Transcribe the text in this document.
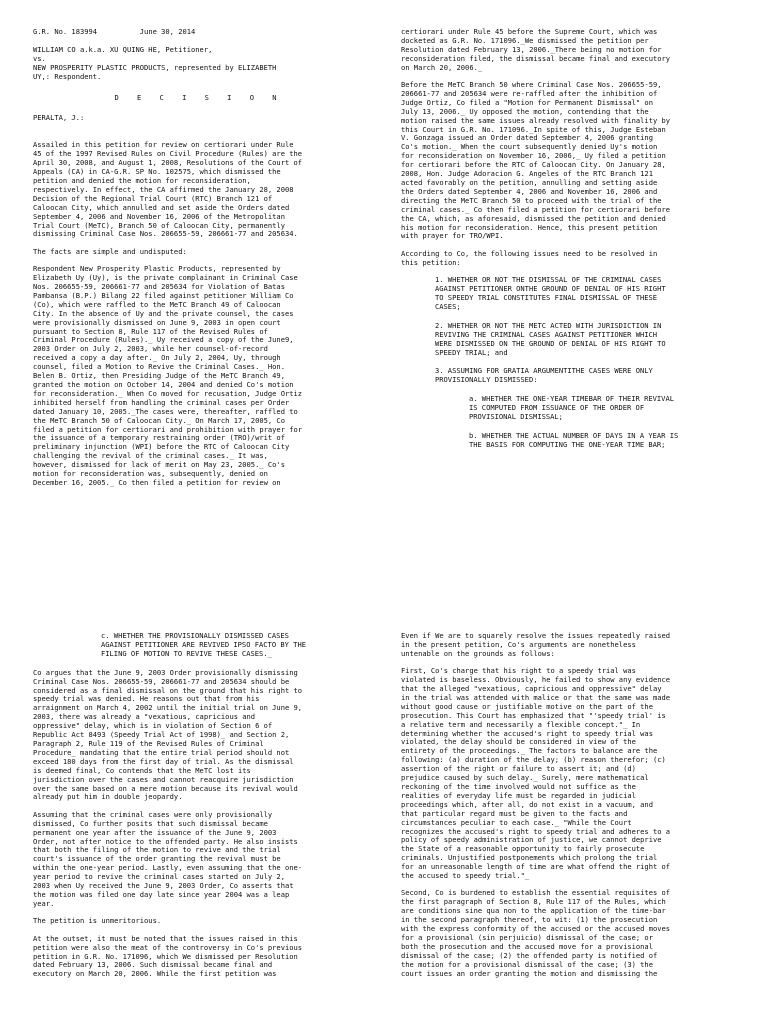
G.R. No. 183994	June 30, 2014

WILLIAM CO a.k.a. XU QUING HE, Petitioner,

vs.

NEW PROSPERITY PLASTIC PRODUCTS, represented by ELIZABETH

UY,: Respondent.

D E C I S I O N

PERALTA, J.:

Assailed in this petition for review on certiorari under Rule
45 of the 1997 Revised Rules on Civil Procedure (Rules) are the
April 30, 2008, and August 1, 2008, Resolutions of the Court of
Appeals (CA) in CA-G.R. SP No. 102575, which dismissed the
petition and denied the motion for reconsideration,
respectively. In effect, the CA affirmed the January 28, 2008
Decision of the Regional Trial Court (RTC) Branch 121 of
Caloocan City, which annulled and set aside the Orders dated
September 4, 2006 and November 16, 2006 of the Metropolitan
Trial Court (MeTC), Branch 50 of Caloocan City, permanently
dismissing Criminal Case Nos. 206655-59, 206661-77 and 205634.

The facts are simple and undisputed:

Respondent New Prosperity Plastic Products, represented by
Elizabeth Uy (Uy), is the private complainant in Criminal Case
Nos. 206655-59, 206661-77 and 205634 for Violation of Batas
Pambansa (B.P.) Bilang 22 filed against petitioner William Co
(Co), which were raffled to the MeTC Branch 49 of Caloocan
City. In the absence of Uy and the private counsel, the cases
were provisionally dismissed on June 9, 2003 in open court
pursuant to Section 8, Rule 117 of the Revised Rules of
Criminal Procedure (Rules)._ Uy received a copy of the June9,
2003 Order on July 2, 2003, while her counsel-of-record
received a copy a day after._ On July 2, 2004, Uy, through
counsel, filed a Motion to Revive the Criminal Cases._ Hon.
Belen B. Ortiz, then Presiding Judge of the MeTC Branch 49,
granted the motion on October 14, 2004 and denied Co's motion
for reconsideration._ When Co moved for recusation, Judge Ortiz
inhibited herself from handling the criminal cases per Order
dated January 10, 2005._The cases were, thereafter, raffled to
the MeTC Branch 50 of Caloocan City._ On March 17, 2005, Co
filed a petition for certiorari and prohibition with prayer for
the issuance of a temporary restraining order (TRO)/writ of
preliminary injunction (WPI) before the RTC of Caloocan City
challenging the revival of the criminal cases._ It was,
however, dismissed for lack of merit on May 23, 2005._ Co's
motion for reconsideration was, subsequently, denied on
December 16, 2005._ Co then filed a petition for review on

certiorari under Rule 45 before the Supreme Court, which was
docketed as G.R. No. 171096._We dismissed the petition per
Resolution dated February 13, 2006._There being no motion for
reconsideration filed, the dismissal became final and executory
on March 20, 2006._

Before the MeTC Branch 50 where Criminal Case Nos. 206655-59,
206661-77 and 205634 were re-raffled after the inhibition of
Judge Ortiz, Co filed a "Motion for Permanent Dismissal" on
July 13, 2006._ Uy opposed the motion, contending that the
motion raised the same issues already resolved with finality by
this Court in G.R. No. 171096._In spite of this, Judge Esteban
V. Gonzaga issued an Order dated September 4, 2006 granting
Co's motion._ When the court subsequently denied Uy's motion
for reconsideration on November 16, 2006,_ Uy filed a petition
for certiorari before the RTC of Caloocan City. On January 28,
2008, Hon. Judge Adoracion G. Angeles of the RTC Branch 121
acted favorably on the petition, annulling and setting aside
the Orders dated September 4, 2006 and November 16, 2006 and
directing the MeTC Branch 50 to proceed with the trial of the
criminal cases._ Co then filed a petition for certiorari before
the CA, which, as aforesaid, dismissed the petition and denied
his motion for reconsideration. Hence, this present petition
with prayer for TRO/WPI.

According to Co, the following issues need to be resolved in
this petition:

1. WHETHER OR NOT THE DISMISSAL OF THE CRIMINAL CASES
AGAINST PETITIONER ONTHE GROUND OF DENIAL OF HIS RIGHT
TO SPEEDY TRIAL CONSTITUTES FINAL DISMISSAL OF THESE
CASES;

2. WHETHER OR NOT THE METC ACTED WITH JURISDICTION IN
REVIVING THE CRIMINAL CASES AGAINST PETITIONER WHICH
WERE DISMISSED ON THE GROUND OF DENIAL OF HIS RIGHT TO
SPEEDY TRIAL; and

3. ASSUMING FOR GRATIA ARGUMENTITHE CASES WERE ONLY
PROVISIONALLY DISMISSED:

a. WHETHER THE ONE-YEAR TIMEBAR OF THEIR REVIVAL
IS COMPUTED FROM ISSUANCE OF THE ORDER OF
PROVISIONAL DISMISSAL;

b. WHETHER THE ACTUAL NUMBER OF DAYS IN A YEAR IS
THE BASIS FOR COMPUTING THE ONE-YEAR TIME BAR;

c. WHETHER THE PROVISIONALLY DISMISSED CASES
AGAINST PETITIONER ARE REVIVED IPSO FACTO BY THE
FILING OF MOTION TO REVIVE THESE CASES._

Co argues that the June 9, 2003 Order provisionally dismissing
Criminal Case Nos. 206655-59, 206661-77 and 205634 should be
considered as a final dismissal on the ground that his right to
speedy trial was denied. He reasons out that from his
arraignment on March 4, 2002 until the initial trial on June 9,
2003, there was already a "vexatious, capricious and
oppressive" delay, which is in violation of Section 6 of
Republic Act 8493 (Speedy Trial Act of 1998)_ and Section 2,
Paragraph 2, Rule 119 of the Revised Rules of Criminal
Procedure_ mandating that the entire trial period should not
exceed 180 days from the first day of trial. As the dismissal
is deemed final, Co contends that the MeTC lost its
jurisdiction over the cases and cannot reacquire jurisdiction
over the same based on a mere motion because its revival would
already put him in double jeopardy.

Assuming that the criminal cases were only provisionally
dismissed, Co further posits that such dismissal became
permanent one year after the issuance of the June 9, 2003
Order, not after notice to the offended party. He also insists
that both the filing of the motion to revive and the trial
court's issuance of the order granting the revival must be
within the one-year period. Lastly, even assuming that the one-
year period to revive the criminal cases started on July 2,
2003 when Uy received the June 9, 2003 Order, Co asserts that
the motion was filed one day late since year 2004 was a leap
year.

The petition is unmeritorious.

At the outset, it must be noted that the issues raised in this
petition were also the meat of the controversy in Co's previous
petition in G.R. No. 171096, which We dismissed per Resolution
dated February 13, 2006. Such dismissal became final and
executory on March 20, 2006. While the first petition was

Even if We are to squarely resolve the issues repeatedly raised
in the present petition, Co's arguments are nonetheless
untenable on the grounds as follows:

First, Co's charge that his right to a speedy trial was
violated is baseless. Obviously, he failed to show any evidence
that the alleged "vexatious, capricious and oppressive" delay
in the trial was attended with malice or that the same was made
without good cause or justifiable motive on the part of the
prosecution. This Court has emphasized that "'speedy trial' is
a relative term and necessarily a flexible concept."_ In
determining whether the accused's right to speedy trial was
violated, the delay should be considered in view of the
entirety of the proceedings._ The factors to balance are the
following: (a) duration of the delay; (b) reason therefor; (c)
assertion of the right or failure to assert it; and (d)
prejudice caused by such delay._ Surely, mere mathematical
reckoning of the time involved would not suffice as the
realities of everyday life must be regarded in judicial
proceedings which, after all, do not exist in a vacuum, and
that particular regard must be given to the facts and
circumstances peculiar to each case._ "While the Court
recognizes the accused's right to speedy trial and adheres to a
policy of speedy administration of justice, we cannot deprive
the State of a reasonable opportunity to fairly prosecute
criminals. Unjustified postponements which prolong the trial
for an unreasonable length of time are what offend the right of
the accused to speedy trial."_

Second, Co is burdened to establish the essential requisites of
the first paragraph of Section 8, Rule 117 of the Rules, which
are conditions sine qua non to the application of the time-bar
in the second paragraph thereof, to wit: (1) the prosecution
with the express conformity of the accused or the accused moves
for a provisional (sin perjuicio) dismissal of the case; or
both the prosecution and the accused move for a provisional
dismissal of the case; (2) the offended party is notified of
the motion for a provisional dismissal of the case; (3) the
court issues an order granting the motion and dismissing the
